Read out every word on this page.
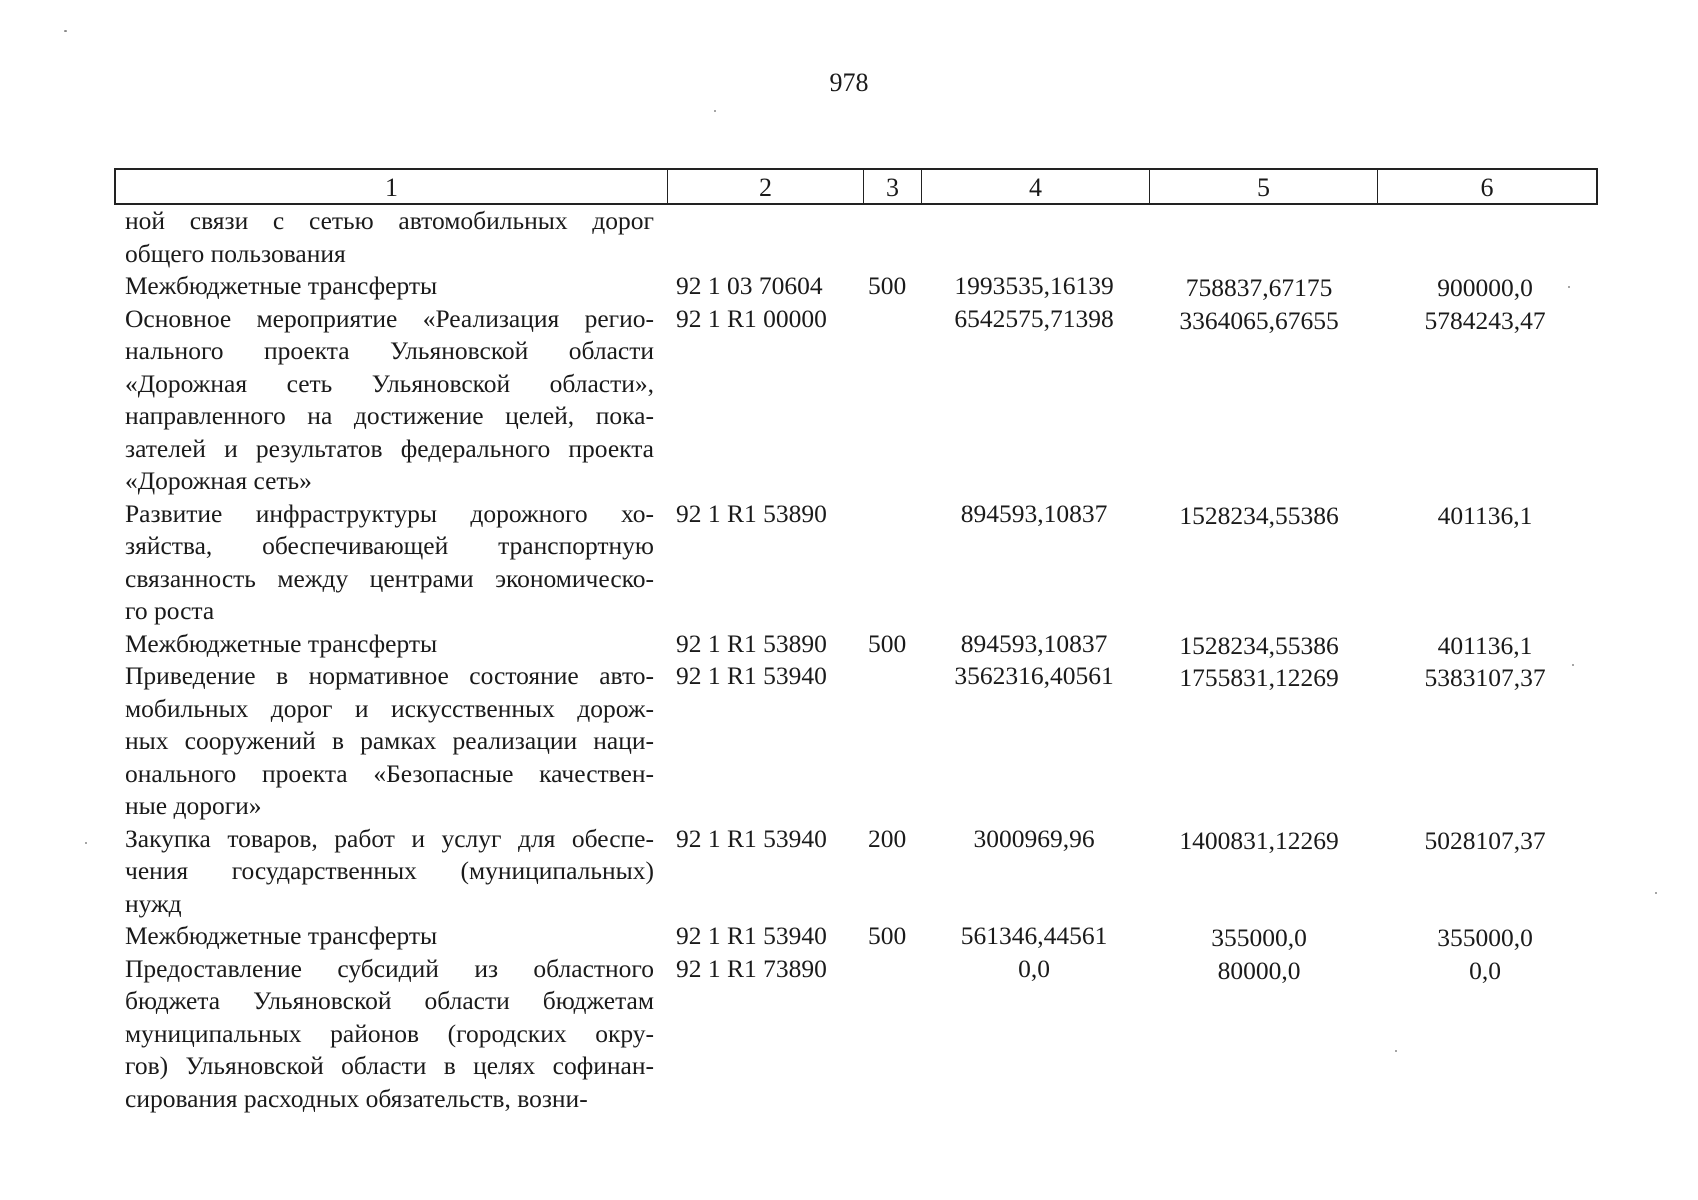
978
1	2	3	4	5	6
ной связи с сетью автомобильных дорог
общего пользования
Межбюджетные трансферты	92 1 03 70604 500	1993535,16139	758837,67175	900000,0
Основное мероприятие «Реализация регио-
нального проекта Ульяновской области
«Дорожная сеть Ульяновской области»,
направленного на достижение целей, пока-
зателей и результатов федерального проекта
«Дорожная сеть»
92 1 R1 00000	6542575,71398	3364065,67655	5784243,47
Развитие инфраструктуры дорожного хо-
зяйства, обеспечивающей транспортную
связанность между центрами экономическо-
го роста
92 1 R1 53890	894593,10837	1528234,55386	401136,1
Межбюджетные трансферты	92 1 R1 53890 500	894593,10837	1528234,55386	401136,1
Приведение в нормативное состояние авто-
мобильных дорог и искусственных дорож-
ных сооружений в рамках реализации наци-
онального проекта «Безопасные качествен-
ные дороги»
92 1 R1 53940	3562316,40561	1755831,12269	5383107,37
Закупка товаров, работ и услуг для обеспе-
чения государственных (муниципальных)
нужд
92 1 R1 53940 200	3000969,96	1400831,12269	5028107,37
Межбюджетные трансферты	92 1 R1 53940 500	561346,44561	355000,0	355000,0
Предоставление субсидий из областного
бюджета Ульяновской области бюджетам
муниципальных районов (городских окру-
гов) Ульяновской области в целях софинан-
сирования расходных обязательств, возни-
92 1 R1 73890	0,0	80000,0	0,0
